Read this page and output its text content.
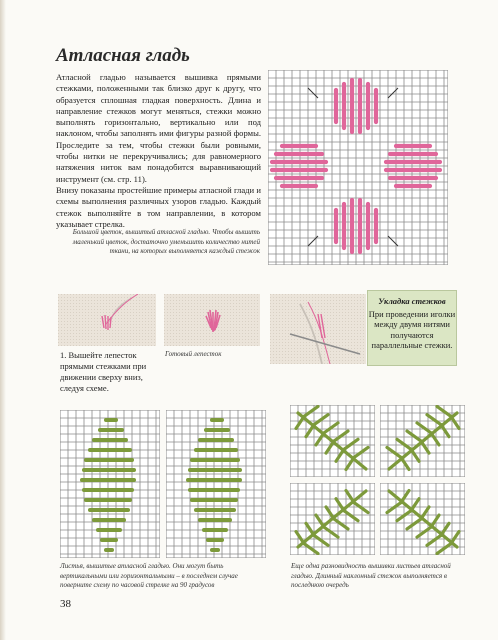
Атласная гладь

Атласной гладью называется вышивка прямыми стежками, положенными так близко друг к другу, что образуется сплошная гладкая поверхность. Длина и направление стежков могут меняться, стежки можно выполнять горизонтально, вертикально или под наклоном, чтобы заполнять ими фигуры разной формы. Проследите за тем, чтобы стежки были ровными, чтобы нитки не перекручивались; для равномерного натяжения ниток вам понадобится выравнивающий инструмент (см. стр. 11).

Внизу показаны простейшие примеры атласной глади и схемы выполнения различных узоров гладью. Каждый стежок выполняйте в том направлении, в котором указывает стрелка.

Большой цветок, вышитый атласной гладью. Чтобы вышить маленький цветок, достаточно уменьшить количество нитей ткани, на которых выполняется каждый стежок
Укладка стежков
При проведении иголки между двумя нитями получаются параллельные стежки.
1. Вышейте лепесток прямыми стежками при движении сверху вниз, следуя схеме.
Готовый лепесток
Листья, вышитые атласной гладью. Они могут быть вертикальными или горизонтальными – в последнем случае поверните схему по часовой стрелке на 90 градусов
Еще одна разновидность вышивки листьев атласной гладью. Длинный наклонный стежок выполняется в последнюю очередь
38
